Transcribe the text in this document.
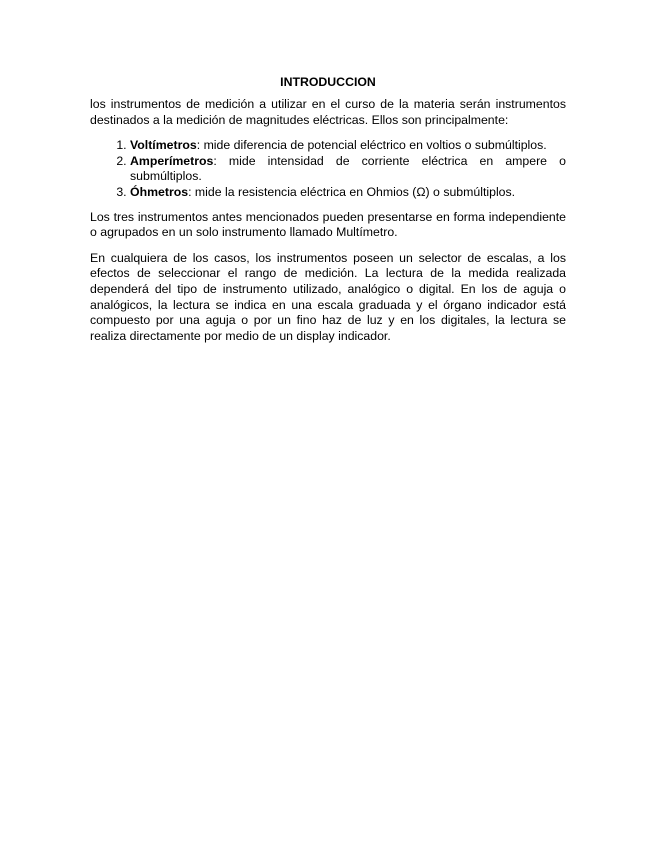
INTRODUCCION

los instrumentos de medición a utilizar en el curso de la materia serán instrumentos destinados a la medición de magnitudes eléctricas. Ellos son principalmente:

1. Voltímetros: mide diferencia de potencial eléctrico en voltios o submúltiplos.
2. Amperímetros: mide intensidad de corriente eléctrica en ampere o submúltiplos.
3. Óhmetros: mide la resistencia eléctrica en Ohmios (Ω) o submúltiplos.

Los tres instrumentos antes mencionados pueden presentarse en forma independiente o agrupados en un solo instrumento llamado Multímetro.

En cualquiera de los casos, los instrumentos poseen un selector de escalas, a los efectos de seleccionar el rango de medición. La lectura de la medida realizada dependerá del tipo de instrumento utilizado, analógico o digital. En los de aguja o analógicos, la lectura se indica en una escala graduada y el órgano indicador está compuesto por una aguja o por un fino haz de luz y en los digitales, la lectura se realiza directamente por medio de un display indicador.
